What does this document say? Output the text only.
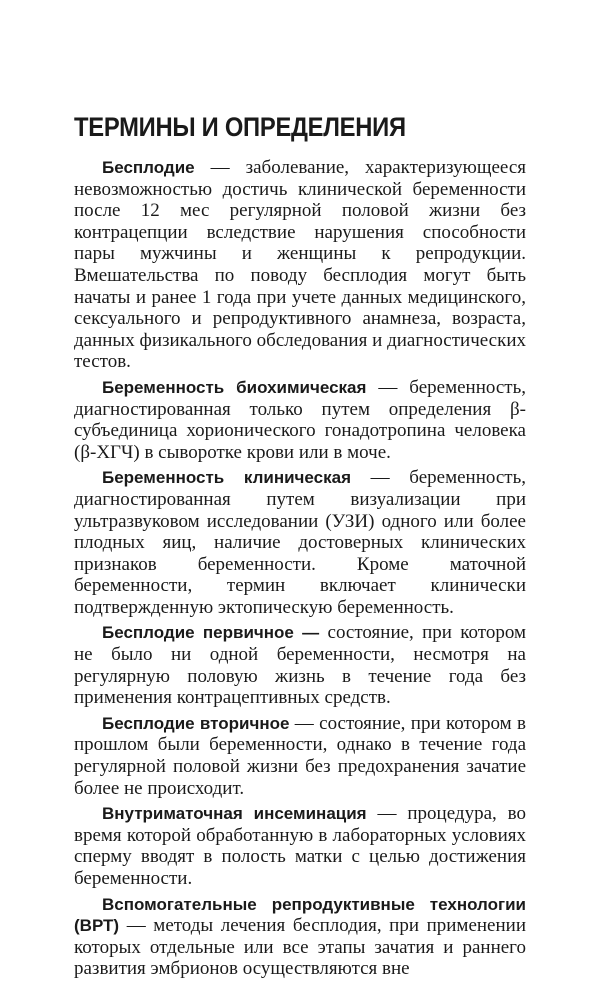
ТЕРМИНЫ И ОПРЕДЕЛЕНИЯ

Бесплодие — заболевание, характеризующееся невозможностью достичь клинической беременности после 12 мес регулярной половой жизни без контрацепции вследствие нарушения способности пары мужчины и женщины к репродукции. Вмешательства по поводу бесплодия могут быть начаты и ранее 1 года при учете данных медицинского, сексуального и репродуктивного анамнеза, возраста, данных физикального обследования и диагностических тестов.

Беременность биохимическая — беременность, диагностированная только путем определения β-субъединица хорионического гонадотропина человека (β-ХГЧ) в сыворотке крови или в моче.

Беременность клиническая — беременность, диагностированная путем визуализации при ультразвуковом исследовании (УЗИ) одного или более плодных яиц, наличие достоверных клинических признаков беременности. Кроме маточной беременности, термин включает клинически подтвержденную эктопическую беременность.

Бесплодие первичное — состояние, при котором не было ни одной беременности, несмотря на регулярную половую жизнь в течение года без применения контрацептивных средств.

Бесплодие вторичное — состояние, при котором в прошлом были беременности, однако в течение года регулярной половой жизни без предохранения зачатие более не происходит.

Внутриматочная инсеминация — процедура, во время которой обработанную в лабораторных условиях сперму вводят в полость матки с целью достижения беременности.

Вспомогательные репродуктивные технологии (ВРТ) — методы лечения бесплодия, при применении которых отдельные или все этапы зачатия и раннего развития эмбрионов осуществляются вне
